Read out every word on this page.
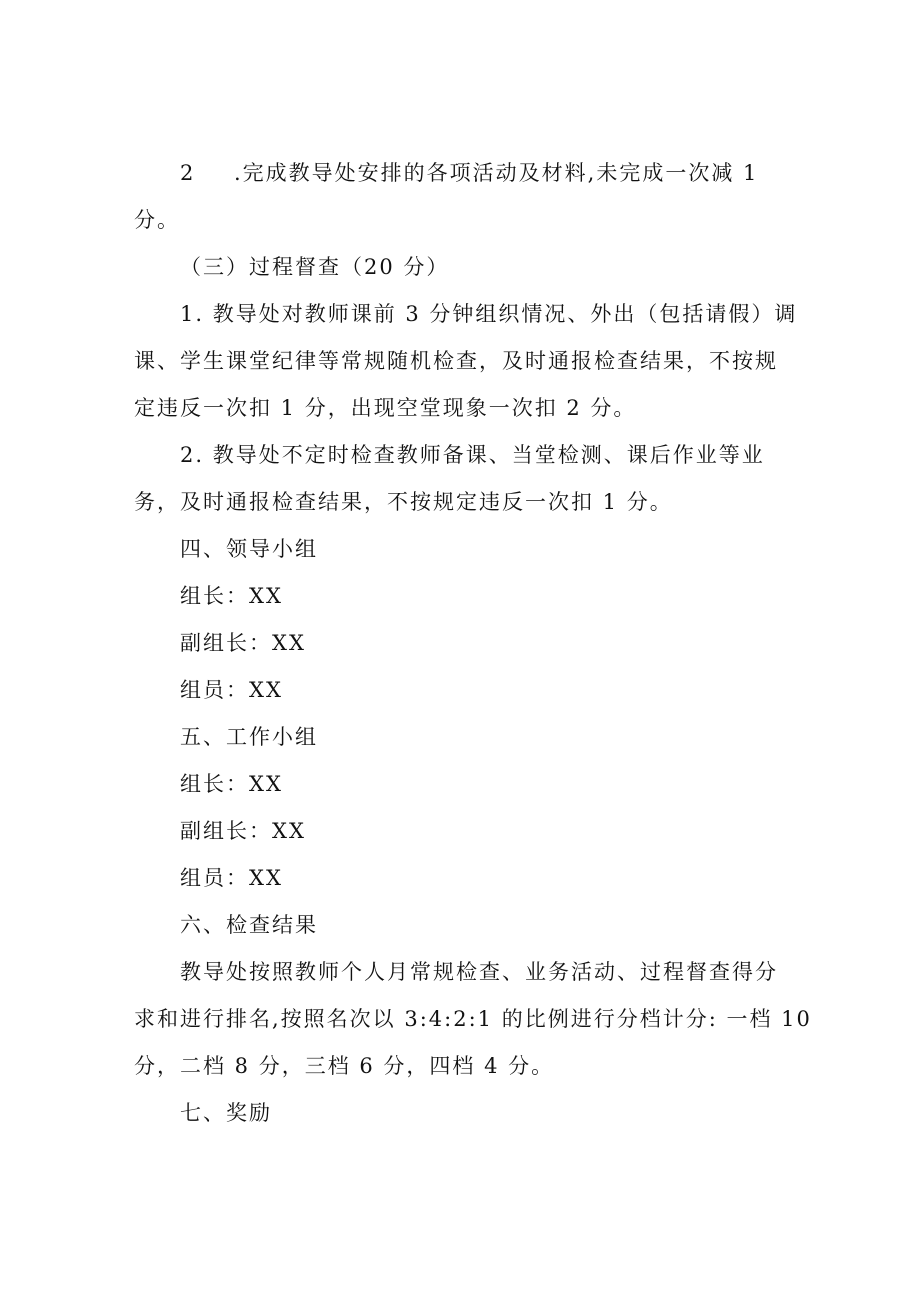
2 .完成教导处安排的各项活动及材料,未完成一次减 1

分。

（三）过程督查（20 分）

1. 教导处对教师课前 3 分钟组织情况、外出（包括请假）调

课、学生课堂纪律等常规随机检查，及时通报检查结果，不按规

定违反一次扣 1 分，出现空堂现象一次扣 2 分。

2. 教导处不定时检查教师备课、当堂检测、课后作业等业

务，及时通报检查结果，不按规定违反一次扣 1 分。

四、领导小组

组长：XX

副组长：XX

组员：XX

五、工作小组

组长：XX

副组长：XX

组员：XX

六、检查结果

教导处按照教师个人月常规检查、业务活动、过程督查得分

求和进行排名,按照名次以 3:4:2:1 的比例进行分档计分: 一档 10

分，二档 8 分，三档 6 分，四档 4 分。

七、奖励
